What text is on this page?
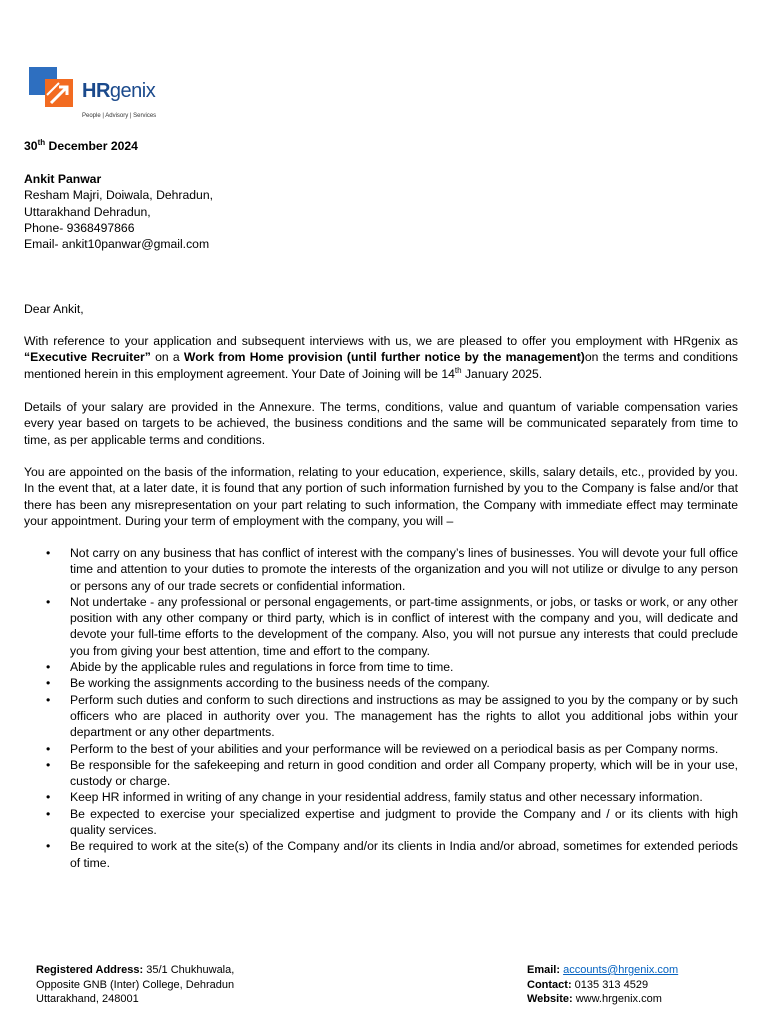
HRgenix
People | Advisory | Services
30th December 2024
Ankit Panwar
Resham Majri, Doiwala, Dehradun,
Uttarakhand Dehradun,
Phone- 9368497866
Email- ankit10panwar@gmail.com
Dear Ankit,
With reference to your application and subsequent interviews with us, we are pleased to offer you employment with HRgenix as “Executive Recruiter” on a Work from Home provision (until further notice by the management)on the terms and conditions mentioned herein in this employment agreement. Your Date of Joining will be 14th January 2025.
Details of your salary are provided in the Annexure. The terms, conditions, value and quantum of variable compensation varies every year based on targets to be achieved, the business conditions and the same will be communicated separately from time to time, as per applicable terms and conditions.
You are appointed on the basis of the information, relating to your education, experience, skills, salary details, etc., provided by you. In the event that, at a later date, it is found that any portion of such information furnished by you to the Company is false and/or that there has been any misrepresentation on your part relating to such information, the Company with immediate effect may terminate your appointment. During your term of employment with the company, you will –
• Not carry on any business that has conflict of interest with the company’s lines of businesses. You will devote your full office time and attention to your duties to promote the interests of the organization and you will not utilize or divulge to any person or persons any of our trade secrets or confidential information.
• Not undertake - any professional or personal engagements, or part-time assignments, or jobs, or tasks or work, or any other position with any other company or third party, which is in conflict of interest with the company and you, will dedicate and devote your full-time efforts to the development of the company. Also, you will not pursue any interests that could preclude you from giving your best attention, time and effort to the company.
• Abide by the applicable rules and regulations in force from time to time.
• Be working the assignments according to the business needs of the company.
• Perform such duties and conform to such directions and instructions as may be assigned to you by the company or by such officers who are placed in authority over you. The management has the rights to allot you additional jobs within your department or any other departments.
• Perform to the best of your abilities and your performance will be reviewed on a periodical basis as per Company norms.
• Be responsible for the safekeeping and return in good condition and order all Company property, which will be in your use, custody or charge.
• Keep HR informed in writing of any change in your residential address, family status and other necessary information.
• Be expected to exercise your specialized expertise and judgment to provide the Company and / or its clients with high quality services.
• Be required to work at the site(s) of the Company and/or its clients in India and/or abroad, sometimes for extended periods of time.
Registered Address: 35/1 Chukhuwala,
Opposite GNB (Inter) College, Dehradun
Uttarakhand, 248001
Email: accounts@hrgenix.com
Contact: 0135 313 4529
Website: www.hrgenix.com
